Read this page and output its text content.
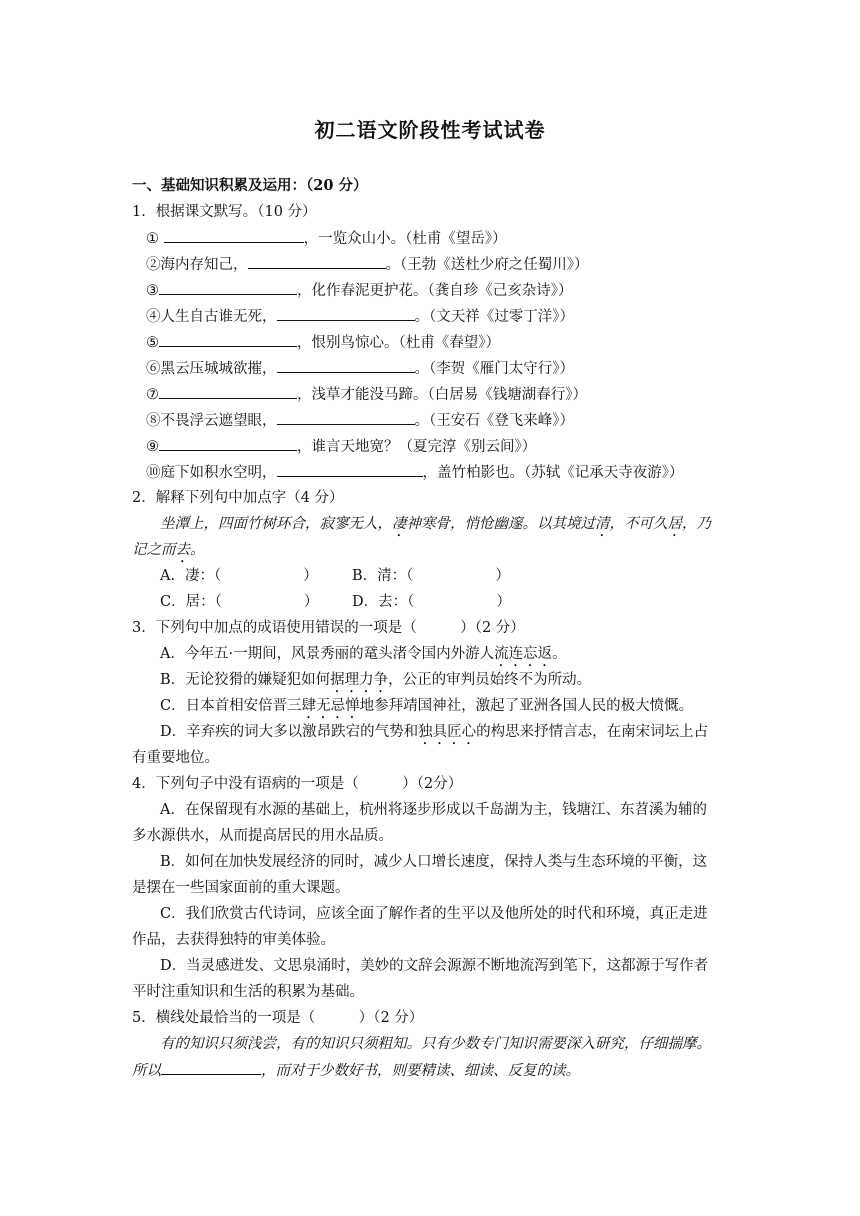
初二语文阶段性考试试卷
一、基础知识积累及运用：（20 分）
1．根据课文默写。（10 分）
①	，一览众山小。（杜甫《望岳》）
②海内存知己，	。（王勃《送杜少府之任蜀川》）
③	，化作春泥更护花。（龚自珍《己亥杂诗》）
④人生自古谁无死，	。（文天祥《过零丁洋》）
⑤	，恨别鸟惊心。（杜甫《春望》）
⑥黑云压城城欲摧，	。（李贺《雁门太守行》）
⑦	，浅草才能没马蹄。（白居易《钱塘湖春行》）
⑧不畏浮云遮望眼，	。（王安石《登飞来峰》）
⑨	，谁言天地宽？（夏完淳《别云间》）
⑩庭下如积水空明，	，盖竹柏影也。（苏轼《记承天寺夜游》）
2．解释下列句中加点字（4 分）
坐潭上，四面竹树环合，寂寥无人，凄神寒骨，悄怆幽邃。以其境过清，不可久居，乃
记之而去。
A．凄：（	） B．清：（	）
C．居：（	） D．去：（	）
3．下列句中加点的成语使用错误的一项是（　　　）（2 分）
A．今年五·一期间，风景秀丽的鼋头渚令国内外游人流连忘返。
B．无论狡猾的嫌疑犯如何据理力争，公正的审判员始终不为所动。
C．日本首相安倍晋三肆无忌惮地参拜靖国神社，激起了亚洲各国人民的极大愤慨。
D．辛弃疾的词大多以激昂跌宕的气势和独具匠心的构思来抒情言志，在南宋词坛上占
有重要地位。
4．下列句子中没有语病的一项是（　　　）（2分）
A．在保留现有水源的基础上，杭州将逐步形成以千岛湖为主，钱塘江、东苕溪为辅的
多水源供水，从而提高居民的用水品质。
B．如何在加快发展经济的同时，减少人口增长速度，保持人类与生态环境的平衡，这
是摆在一些国家面前的重大课题。
C．我们欣赏古代诗词，应该全面了解作者的生平以及他所处的时代和环境，真正走进
作品，去获得独特的审美体验。
D．当灵感迸发、文思泉涌时，美妙的文辞会源源不断地流泻到笔下，这都源于写作者
平时注重知识和生活的积累为基础。
5．横线处最恰当的一项是（　　　）（2 分）
有的知识只须浅尝，有的知识只须粗知。只有少数专门知识需要深入研究，仔细揣摩。
所以	，而对于少数好书，则要精读、细读、反复的读。
